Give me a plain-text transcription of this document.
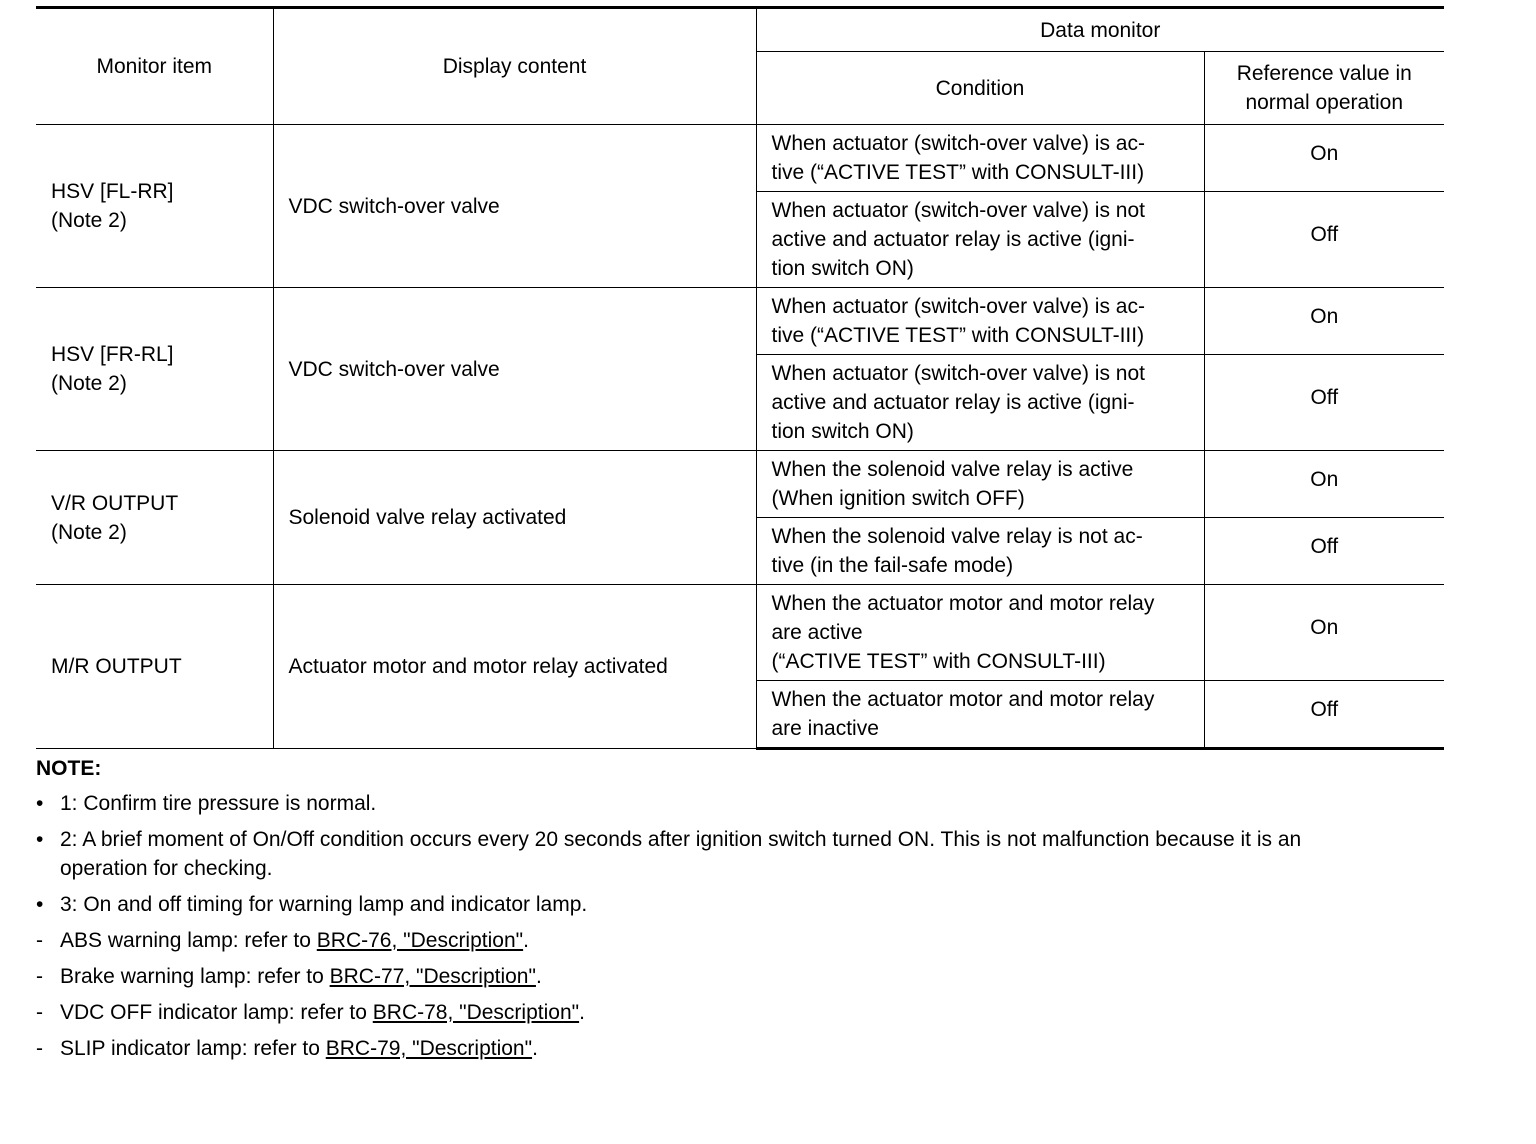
Monitor item	Display content	Data monitor	
		Condition	Reference value in
normal operation

HSV [FL-RR]
(Note 2)	VDC switch-over valve	When actuator (switch-over valve) is ac-
tive (“ACTIVE TEST” with CONSULT-III)	On

		When actuator (switch-over valve) is not
active and actuator relay is active (igni-
tion switch ON)	Off

HSV [FR-RL]
(Note 2)	VDC switch-over valve	When actuator (switch-over valve) is ac-
tive (“ACTIVE TEST” with CONSULT-III)	On

		When actuator (switch-over valve) is not
active and actuator relay is active (igni-
tion switch ON)	Off

V/R OUTPUT
(Note 2)	Solenoid valve relay activated	When the solenoid valve relay is active
(When ignition switch OFF)	On

		When the solenoid valve relay is not ac-
tive (in the fail-safe mode)	Off

M/R OUTPUT	Actuator motor and motor relay activated	When the actuator motor and motor relay
are active
(“ACTIVE TEST” with CONSULT-III)	On

		When the actuator motor and motor relay
are inactive	Off
NOTE:
• 1: Confirm tire pressure is normal.
• 2: A brief moment of On/Off condition occurs every 20 seconds after ignition switch turned ON. This is not malfunction because it is an
operation for checking.
• 3: On and off timing for warning lamp and indicator lamp.
- ABS warning lamp: refer to BRC-76, "Description".
- Brake warning lamp: refer to BRC-77, "Description".
- VDC OFF indicator lamp: refer to BRC-78, "Description".
- SLIP indicator lamp: refer to BRC-79, "Description".
